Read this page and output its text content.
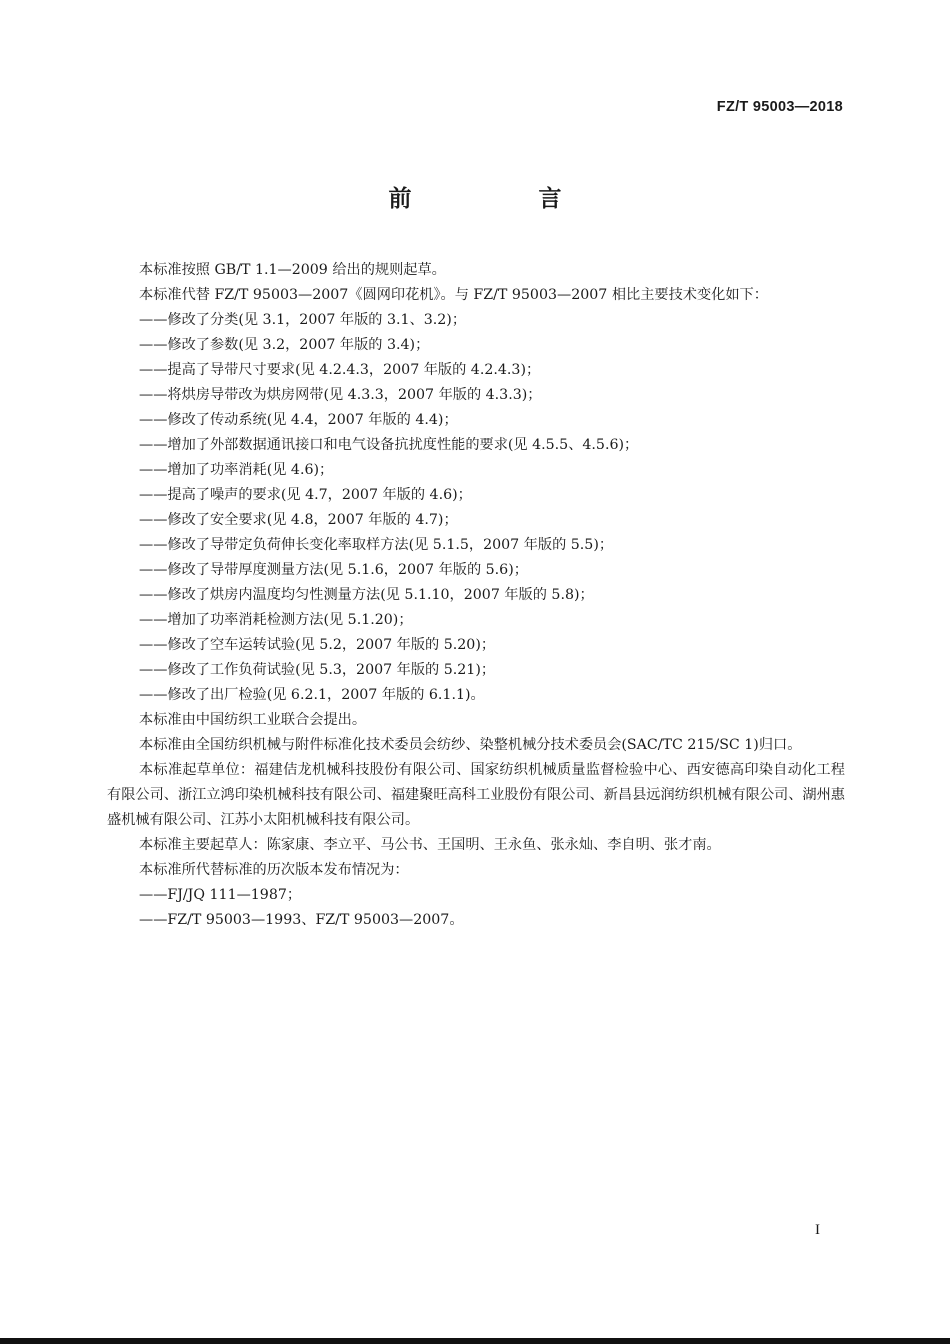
FZ/T 95003—2018
前　言

本标准按照 GB/T 1.1—2009 给出的规则起草。

本标准代替 FZ/T 95003—2007《圆网印花机》。与 FZ/T 95003—2007 相比主要技术变化如下：

——修改了分类(见 3.1，2007 年版的 3.1、3.2)；

——修改了参数(见 3.2，2007 年版的 3.4)；

——提高了导带尺寸要求(见 4.2.4.3，2007 年版的 4.2.4.3)；

——将烘房导带改为烘房网带(见 4.3.3，2007 年版的 4.3.3)；

——修改了传动系统(见 4.4，2007 年版的 4.4)；

——增加了外部数据通讯接口和电气设备抗扰度性能的要求(见 4.5.5、4.5.6)；

——增加了功率消耗(见 4.6)；

——提高了噪声的要求(见 4.7，2007 年版的 4.6)；

——修改了安全要求(见 4.8，2007 年版的 4.7)；

——修改了导带定负荷伸长变化率取样方法(见 5.1.5，2007 年版的 5.5)；

——修改了导带厚度测量方法(见 5.1.6，2007 年版的 5.6)；

——修改了烘房内温度均匀性测量方法(见 5.1.10，2007 年版的 5.8)；

——增加了功率消耗检测方法(见 5.1.20)；

——修改了空车运转试验(见 5.2，2007 年版的 5.20)；

——修改了工作负荷试验(见 5.3，2007 年版的 5.21)；

——修改了出厂检验(见 6.2.1，2007 年版的 6.1.1)。

本标准由中国纺织工业联合会提出。

本标准由全国纺织机械与附件标准化技术委员会纺纱、染整机械分技术委员会(SAC/TC 215/SC 1)归口。

本标准起草单位：福建佶龙机械科技股份有限公司、国家纺织机械质量监督检验中心、西安德高印染自动化工程有限公司、浙江立鸿印染机械科技有限公司、福建聚旺高科工业股份有限公司、新昌县远润纺织机械有限公司、湖州惠盛机械有限公司、江苏小太阳机械科技有限公司。

本标准主要起草人：陈家康、李立平、马公书、王国明、王永鱼、张永灿、李自明、张才南。

本标准所代替标准的历次版本发布情况为：

——FJ/JQ 111—1987；

——FZ/T 95003—1993、FZ/T 95003—2007。

I
